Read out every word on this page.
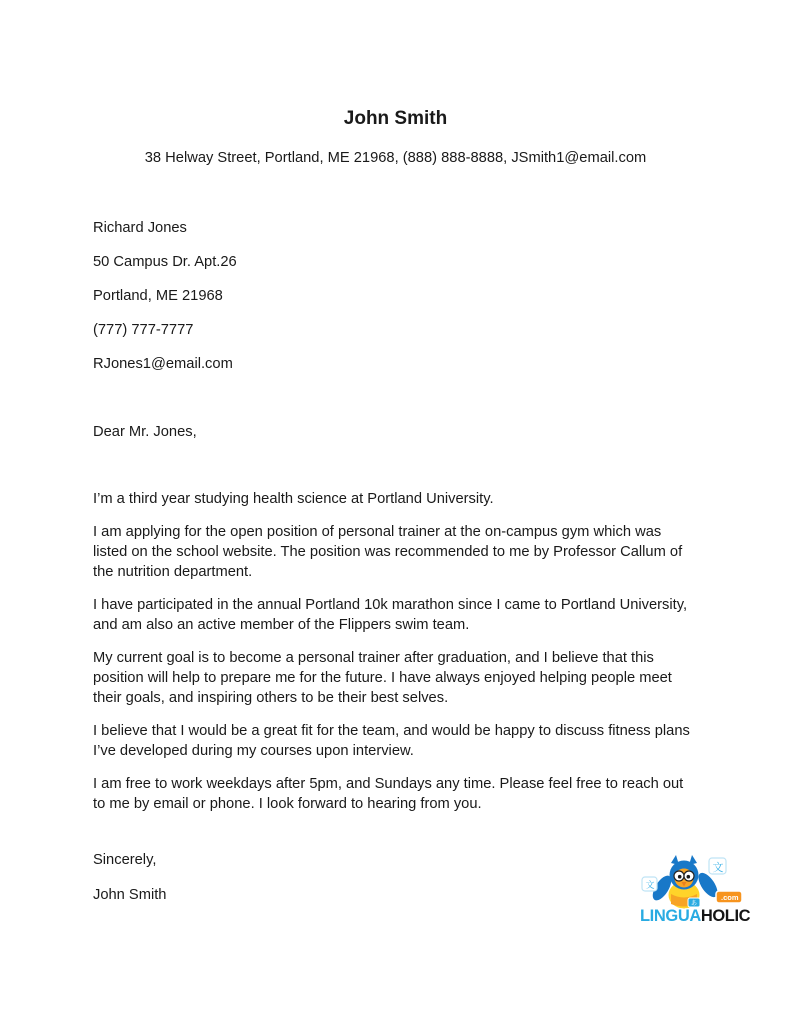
John Smith

38 Helway Street, Portland, ME 21968, (888) 888-8888, JSmith1@email.com

Richard Jones

50 Campus Dr. Apt.26

Portland, ME 21968

(777) 777-7777

RJones1@email.com

Dear Mr. Jones,

I’m a third year studying health science at Portland University.

I am applying for the open position of personal trainer at the on-campus gym which was listed on the school website. The position was recommended to me by Professor Callum of the nutrition department.

I have participated in the annual Portland 10k marathon since I came to Portland University, and am also an active member of the Flippers swim team.

My current goal is to become a personal trainer after graduation, and I believe that this position will help to prepare me for the future. I have always enjoyed helping people meet their goals, and inspiring others to be their best selves.

I believe that I would be a great fit for the team, and would be happy to discuss fitness plans I’ve developed during my courses upon interview.

I am free to work weekdays after 5pm, and Sundays any time. Please feel free to reach out to me by email or phone. I look forward to hearing from you.

Sincerely,

John Smith

あ
文
文
.com
LINGUAHOLIC
